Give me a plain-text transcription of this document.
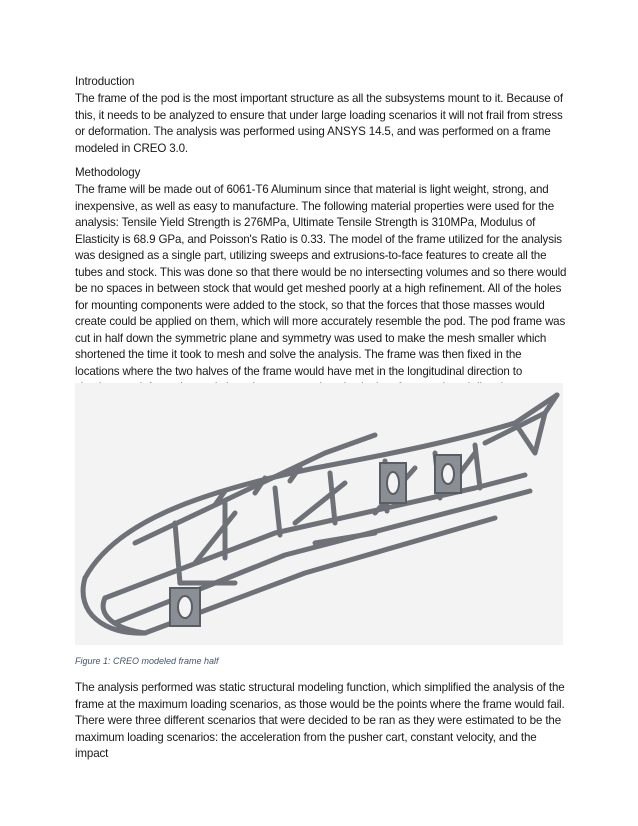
Introduction

The frame of the pod is the most important structure as all the subsystems mount to it. Because of this, it needs to be analyzed to ensure that under large loading scenarios it will not frail from stress or deformation. The analysis was performed using ANSYS 14.5, and was performed on a frame modeled in CREO 3.0.

Methodology

The frame will be made out of 6061-T6 Aluminum since that material is light weight, strong, and inexpensive, as well as easy to manufacture. The following material properties were used for the analysis: Tensile Yield Strength is 276MPa, Ultimate Tensile Strength is 310MPa, Modulus of Elasticity is 68.9 GPa, and Poisson's Ratio is 0.33. The model of the frame utilized for the analysis was designed as a single part, utilizing sweeps and extrusions-to-face features to create all the tubes and stock. This was done so that there would be no intersecting volumes and so there would be no spaces in between stock that would get meshed poorly at a high refinement. All of the holes for mounting components were added to the stock, so that the forces that those masses would create could be applied on them, which will more accurately resemble the pod. The pod frame was cut in half down the symmetric plane and symmetry was used to make the mesh smaller which shortened the time it took to mesh and solve the analysis. The frame was then fixed in the locations where the two halves of the frame would have met in the longitudinal direction to

Figure 1: CREO modeled frame half

The analysis performed was static structural modeling function, which simplified the analysis of the frame at the maximum loading scenarios, as those would be the points where the frame would fail. There were three different scenarios that were decided to be ran as they were estimated to be the maximum loading scenarios: the acceleration from the pusher cart, constant velocity, and the impact
